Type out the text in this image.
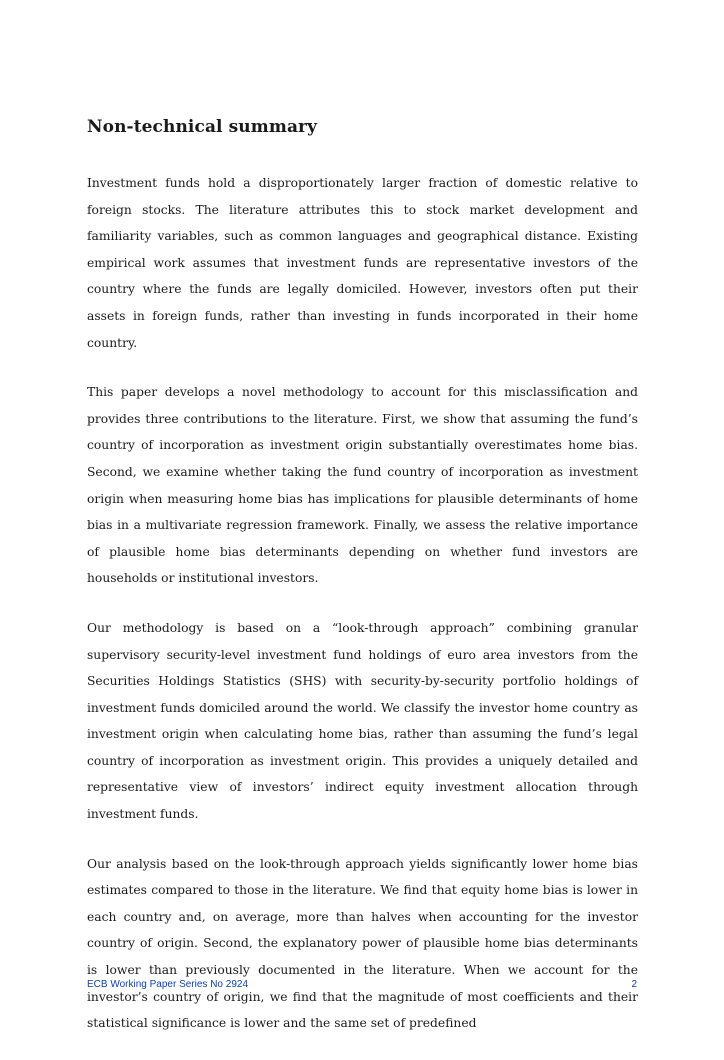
Non-technical summary

Investment funds hold a disproportionately larger fraction of domestic relative to foreign stocks. The literature attributes this to stock market development and familiarity variables, such as common languages and geographical distance. Existing empirical work assumes that investment funds are representative investors of the country where the funds are legally domiciled. However, investors often put their assets in foreign funds, rather than investing in funds incorporated in their home country.

This paper develops a novel methodology to account for this misclassification and provides three contributions to the literature. First, we show that assuming the fund’s country of incorporation as investment origin substantially overestimates home bias. Second, we examine whether taking the fund country of incorporation as investment origin when measuring home bias has implications for plausible determinants of home bias in a multivariate regression framework. Finally, we assess the relative importance of plausible home bias determinants depending on whether fund investors are households or institutional investors.

Our methodology is based on a “look-through approach” combining granular supervisory security-level investment fund holdings of euro area investors from the Securities Holdings Statistics (SHS) with security-by-security portfolio holdings of investment funds domiciled around the world. We classify the investor home country as investment origin when calculating home bias, rather than assuming the fund’s legal country of incorporation as investment origin. This provides a uniquely detailed and representative view of investors’ indirect equity investment allocation through investment funds.

Our analysis based on the look-through approach yields significantly lower home bias estimates compared to those in the literature. We find that equity home bias is lower in each country and, on average, more than halves when accounting for the investor country of origin. Second, the explanatory power of plausible home bias determinants is lower than previously documented in the literature. When we account for the investor’s country of origin, we find that the magnitude of most coefficients and their statistical significance is lower and the same set of predefined

ECB Working Paper Series No 2924	2
